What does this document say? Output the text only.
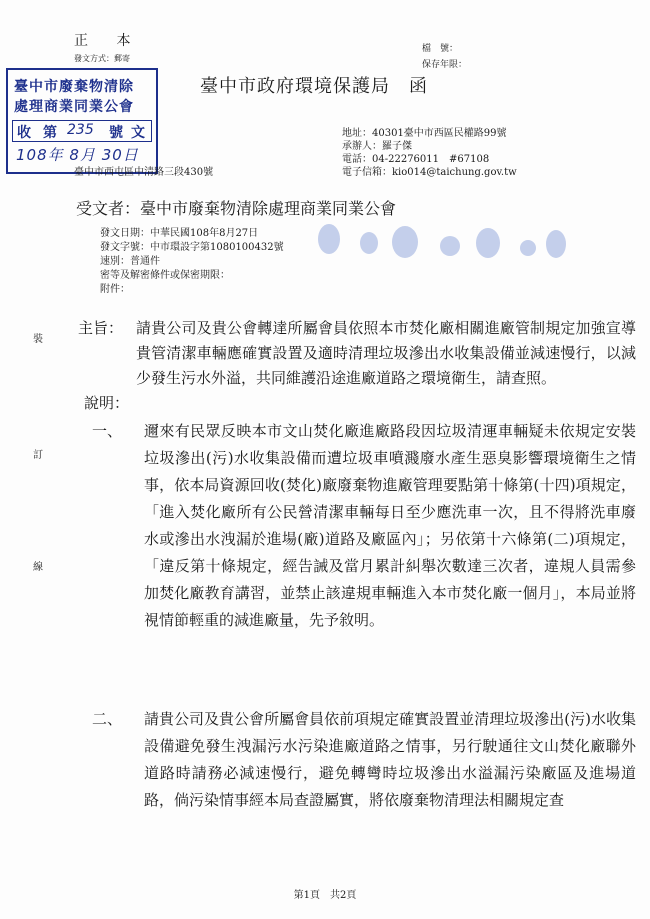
正 本
發文方式：郵寄
檔　號：
保存年限：
臺中市廢棄物清除
處理商業同業公會
收 第 235 號 文
108年 8月 30日
臺中市政府環境保護局　函
臺中市西屯區中清路三段430號
地址：40301臺中市西區民權路99號
承辦人：羅子傑
電話：04-22276011　#67108
電子信箱：kio014@taichung.gov.tw
受文者：臺中市廢棄物清除處理商業同業公會
發文日期：中華民國108年8月27日
發文字號：中市環設字第1080100432號
速別：普通件
密等及解密條件或保密期限：
附件：
主旨： 請貴公司及貴公會轉達所屬會員依照本市焚化廠相關進廠管制規定加強宣導貴管清潔車輛應確實設置及適時清理垃圾滲出水收集設備並減速慢行，以減少發生污水外溢，共同維護沿途進廠道路之環境衛生，請查照。
說明：
一、 邇來有民眾反映本市文山焚化廠進廠路段因垃圾清運車輛疑未依規定安裝垃圾滲出(污)水收集設備而遭垃圾車噴濺廢水產生惡臭影響環境衛生之情事，依本局資源回收(焚化)廠廢棄物進廠管理要點第十條第(十四)項規定，「進入焚化廠所有公民營清潔車輛每日至少應洗車一次，且不得將洗車廢水或滲出水洩漏於進場(廠)道路及廠區內」；另依第十六條第(二)項規定，「違反第十條規定，經告誡及當月累計糾舉次數達三次者，違規人員需參加焚化廠教育講習，並禁止該違規車輛進入本市焚化廠一個月」，本局並將視情節輕重的減進廠量，先予敘明。
二、 請貴公司及貴公會所屬會員依前項規定確實設置並清理垃圾滲出(污)水收集設備避免發生洩漏污水污染進廠道路之情事，另行駛通往文山焚化廠聯外道路時請務必減速慢行，避免轉彎時垃圾滲出水溢漏污染廠區及進場道路，倘污染情事經本局查證屬實，將依廢棄物清理法相關規定查
裝
訂
線
第1頁　共2頁
